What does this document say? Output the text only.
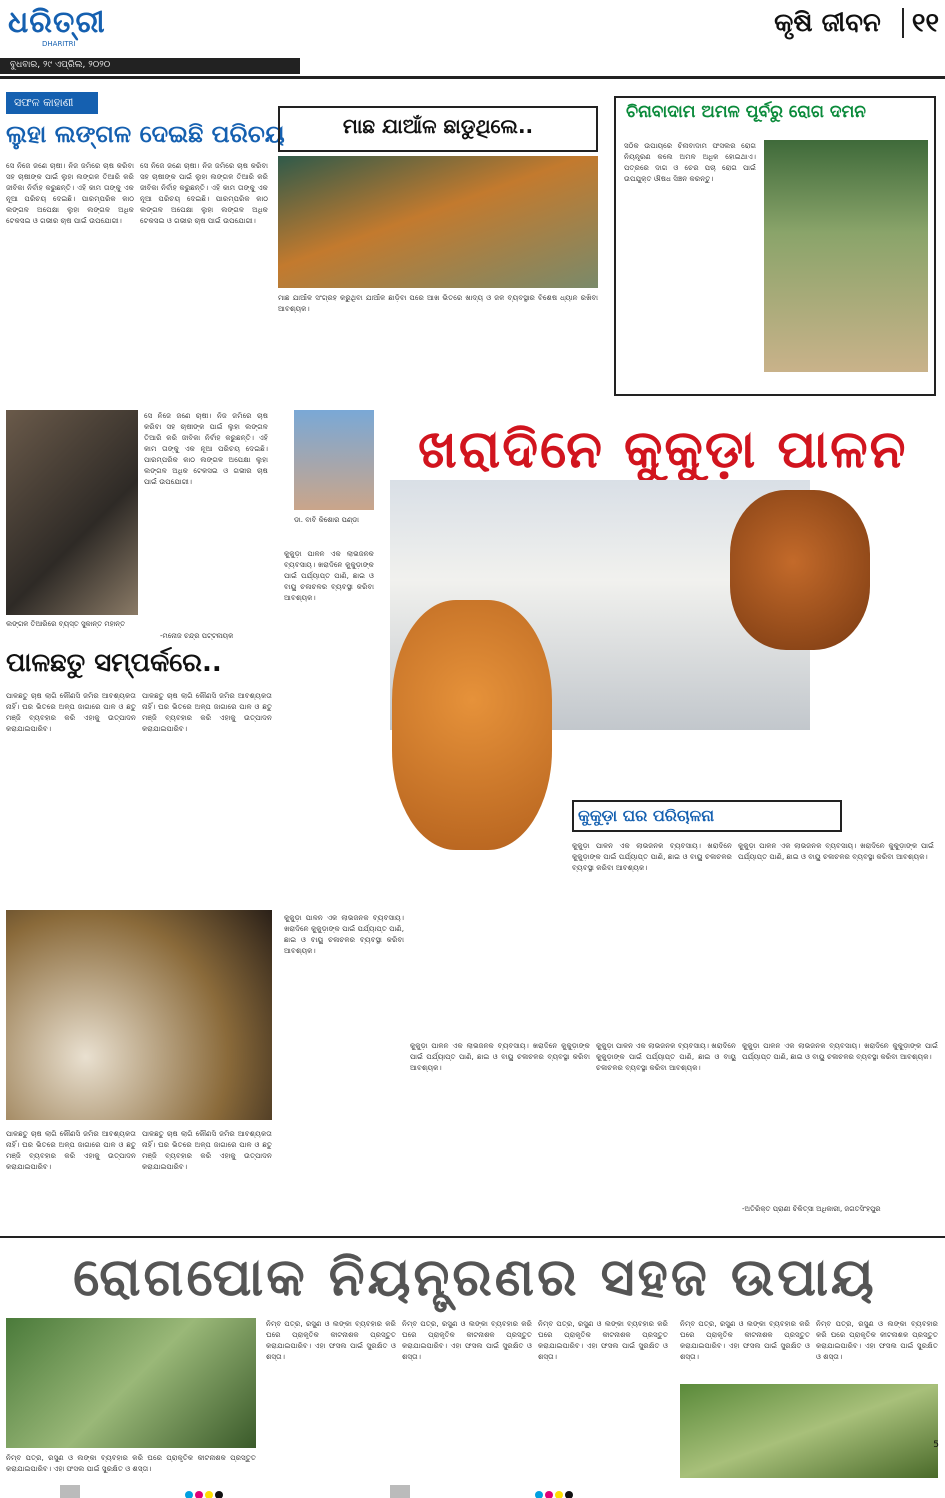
ଧରିତ୍ରୀ
DHARITRI
ବୁଧବାର, ୨୯ ଏପ୍ରିଲ, ୨୦୨୦
କୃଷି ଜୀବନ ୧୧
ସଫଳ କାହାଣୀ
ଲୁହା ଲଙ୍ଗଳ ଦେଇଛି ପରିଚୟ
ସେ ନିଜେ ଜଣେ ଚାଷୀ। ନିଜ ଜମିରେ ଚାଷ କରିବା ସହ ଚାଷୀଙ୍କ ପାଇଁ ଲୁହା ଲଙ୍ଗଳ ତିଆରି କରି ଜୀବିକା ନିର୍ବାହ କରୁଛନ୍ତି। ଏହି କାମ ତାଙ୍କୁ ଏକ ନୂଆ ପରିଚୟ ଦେଇଛି। ପାରମ୍ପରିକ କାଠ ଲଙ୍ଗଳ ଅପେକ୍ଷା ଲୁହା ଲଙ୍ଗଳ ଅଧିକ ଟେକସଇ ଓ ଗଭୀର ଚାଷ ପାଇଁ ଉପଯୋଗୀ।
ସେ ନିଜେ ଜଣେ ଚାଷୀ। ନିଜ ଜମିରେ ଚାଷ କରିବା ସହ ଚାଷୀଙ୍କ ପାଇଁ ଲୁହା ଲଙ୍ଗଳ ତିଆରି କରି ଜୀବିକା ନିର୍ବାହ କରୁଛନ୍ତି। ଏହି କାମ ତାଙ୍କୁ ଏକ ନୂଆ ପରିଚୟ ଦେଇଛି। ପାରମ୍ପରିକ କାଠ ଲଙ୍ଗଳ ଅପେକ୍ଷା ଲୁହା ଲଙ୍ଗଳ ଅଧିକ ଟେକସଇ ଓ ଗଭୀର ଚାଷ ପାଇଁ ଉପଯୋଗୀ।
ସେ ନିଜେ ଜଣେ ଚାଷୀ। ନିଜ ଜମିରେ ଚାଷ କରିବା ସହ ଚାଷୀଙ୍କ ପାଇଁ ଲୁହା ଲଙ୍ଗଳ ତିଆରି କରି ଜୀବିକା ନିର୍ବାହ କରୁଛନ୍ତି। ଏହି କାମ ତାଙ୍କୁ ଏକ ନୂଆ ପରିଚୟ ଦେଇଛି। ପାରମ୍ପରିକ କାଠ ଲଙ୍ଗଳ ଅପେକ୍ଷା ଲୁହା ଲଙ୍ଗଳ ଅଧିକ ଟେକସଇ ଓ ଗଭୀର ଚାଷ ପାଇଁ ଉପଯୋଗୀ।
ଲଙ୍ଗଳ ତିଆରିରେ ବ୍ୟସ୍ତ ସୁକାନ୍ତ ମହାନ୍ତ
-ମନୋଜ ଚନ୍ଦ୍ର ପଟ୍ଟନାୟକ
ମାଛ ଯାଆଁଳ ଛାଡୁଥିଲେ..
ମାଛ ଯାଆଁଳ ସଂଗ୍ରହ କରୁଥିବା ଯାଆଁଳ ଛାଡ଼ିବା ପରେ ଆଖ ଭିତରେ ଖାଦ୍ୟ ଓ ଜଳ ବ୍ୟବସ୍ଥାର ବିଶେଷ ଧ୍ୟାନ ରଖିବା ଆବଶ୍ୟକ।
ଚିନାବାଦାମ ଅମଳ ପୂର୍ବରୁ ରୋଗ ଦମନ
ସଠିକ ଉପାୟରେ ଚିନାବାଦାମ ଫସଲର ରୋଗ ନିୟନ୍ତ୍ରଣ କଲେ ଅମଳ ଅଧିକ ହୋଇଥାଏ। ପତ୍ରରେ ଦାଗ ଓ ଚେର ପଚା ରୋଗ ପାଇଁ ଉପଯୁକ୍ତ ଔଷଧ ସିଞ୍ଚନ କରନ୍ତୁ।
ଡା. ବାବି କିଶୋର ପଣ୍ଡା
ଖରାଦିନେ କୁକୁଡ଼ା ପାଳନ
କୁକୁଡ଼ା ପାଳନ ଏକ ଲାଭଜନକ ବ୍ୟବସାୟ। ଖରାଦିନେ କୁକୁଡ଼ାଙ୍କ ପାଇଁ ପର୍ଯ୍ୟାପ୍ତ ପାଣି, ଛାଇ ଓ ବାୟୁ ଚଳାଚଳର ବ୍ୟବସ୍ଥା କରିବା ଆବଶ୍ୟକ।
କୁକୁଡ଼ା ପାଳନ ଏକ ଲାଭଜନକ ବ୍ୟବସାୟ। ଖରାଦିନେ କୁକୁଡ଼ାଙ୍କ ପାଇଁ ପର୍ଯ୍ୟାପ୍ତ ପାଣି, ଛାଇ ଓ ବାୟୁ ଚଳାଚଳର ବ୍ୟବସ୍ଥା କରିବା ଆବଶ୍ୟକ।
କୁକୁଡ଼ା ଘର ପରିଚାଳନା
କୁକୁଡ଼ା ପାଳନ ଏକ ଲାଭଜନକ ବ୍ୟବସାୟ। ଖରାଦିନେ କୁକୁଡ଼ାଙ୍କ ପାଇଁ ପର୍ଯ୍ୟାପ୍ତ ପାଣି, ଛାଇ ଓ ବାୟୁ ଚଳାଚଳର ବ୍ୟବସ୍ଥା କରିବା ଆବଶ୍ୟକ।
କୁକୁଡ଼ା ପାଳନ ଏକ ଲାଭଜନକ ବ୍ୟବସାୟ। ଖରାଦିନେ କୁକୁଡ଼ାଙ୍କ ପାଇଁ ପର୍ଯ୍ୟାପ୍ତ ପାଣି, ଛାଇ ଓ ବାୟୁ ଚଳାଚଳର ବ୍ୟବସ୍ଥା କରିବା ଆବଶ୍ୟକ।
କୁକୁଡ଼ା ପାଳନ ଏକ ଲାଭଜନକ ବ୍ୟବସାୟ। ଖରାଦିନେ କୁକୁଡ଼ାଙ୍କ ପାଇଁ ପର୍ଯ୍ୟାପ୍ତ ପାଣି, ଛାଇ ଓ ବାୟୁ ଚଳାଚଳର ବ୍ୟବସ୍ଥା କରିବା ଆବଶ୍ୟକ।
କୁକୁଡ଼ା ପାଳନ ଏକ ଲାଭଜନକ ବ୍ୟବସାୟ। ଖରାଦିନେ କୁକୁଡ଼ାଙ୍କ ପାଇଁ ପର୍ଯ୍ୟାପ୍ତ ପାଣି, ଛାଇ ଓ ବାୟୁ ଚଳାଚଳର ବ୍ୟବସ୍ଥା କରିବା ଆବଶ୍ୟକ।
କୁକୁଡ଼ା ପାଳନ ଏକ ଲାଭଜନକ ବ୍ୟବସାୟ। ଖରାଦିନେ କୁକୁଡ଼ାଙ୍କ ପାଇଁ ପର୍ଯ୍ୟାପ୍ତ ପାଣି, ଛାଇ ଓ ବାୟୁ ଚଳାଚଳର ବ୍ୟବସ୍ଥା କରିବା ଆବଶ୍ୟକ।
-ଅତିରିକ୍ତ ପ୍ରାଣୀ ଚିକିତ୍ସା ଅଧିକାରୀ, ଜଗତସିଂହପୁର
ପାଳଛତୁ ସମ୍ପର୍କରେ..
ପାଳଛତୁ ଚାଷ ଲାଗି କୌଣସି ଜମିର ଆବଶ୍ୟକତା ନାହିଁ। ଘର ଭିତରେ ଅଳ୍ପ ଜାଗାରେ ପାଳ ଓ ଛତୁ ମଞ୍ଜି ବ୍ୟବହାର କରି ଏହାକୁ ଉତ୍ପାଦନ କରାଯାଇପାରିବ।
ପାଳଛତୁ ଚାଷ ଲାଗି କୌଣସି ଜମିର ଆବଶ୍ୟକତା ନାହିଁ। ଘର ଭିତରେ ଅଳ୍ପ ଜାଗାରେ ପାଳ ଓ ଛତୁ ମଞ୍ଜି ବ୍ୟବହାର କରି ଏହାକୁ ଉତ୍ପାଦନ କରାଯାଇପାରିବ।
ପାଳଛତୁ ଚାଷ ଲାଗି କୌଣସି ଜମିର ଆବଶ୍ୟକତା ନାହିଁ। ଘର ଭିତରେ ଅଳ୍ପ ଜାଗାରେ ପାଳ ଓ ଛତୁ ମଞ୍ଜି ବ୍ୟବହାର କରି ଏହାକୁ ଉତ୍ପାଦନ କରାଯାଇପାରିବ।
ପାଳଛତୁ ଚାଷ ଲାଗି କୌଣସି ଜମିର ଆବଶ୍ୟକତା ନାହିଁ। ଘର ଭିତରେ ଅଳ୍ପ ଜାଗାରେ ପାଳ ଓ ଛତୁ ମଞ୍ଜି ବ୍ୟବହାର କରି ଏହାକୁ ଉତ୍ପାଦନ କରାଯାଇପାରିବ।
ରୋଗପୋକ ନିୟନ୍ତ୍ରଣର ସହଜ ଉପାୟ
ନିମ୍ବ ପତ୍ର, ରସୁଣ ଓ ଲଙ୍କା ବ୍ୟବହାର କରି ଘରେ ପ୍ରାକୃତିକ କୀଟନାଶକ ପ୍ରସ୍ତୁତ କରାଯାଇପାରିବ। ଏହା ଫସଲ ପାଇଁ ସୁରକ୍ଷିତ ଓ ଶସ୍ତା।
ନିମ୍ବ ପତ୍ର, ରସୁଣ ଓ ଲଙ୍କା ବ୍ୟବହାର କରି ଘରେ ପ୍ରାକୃତିକ କୀଟନାଶକ ପ୍ରସ୍ତୁତ କରାଯାଇପାରିବ। ଏହା ଫସଲ ପାଇଁ ସୁରକ୍ଷିତ ଓ ଶସ୍ତା।
ନିମ୍ବ ପତ୍ର, ରସୁଣ ଓ ଲଙ୍କା ବ୍ୟବହାର କରି ଘରେ ପ୍ରାକୃତିକ କୀଟନାଶକ ପ୍ରସ୍ତୁତ କରାଯାଇପାରିବ। ଏହା ଫସଲ ପାଇଁ ସୁରକ୍ଷିତ ଓ ଶସ୍ତା।
ନିମ୍ବ ପତ୍ର, ରସୁଣ ଓ ଲଙ୍କା ବ୍ୟବହାର କରି ଘରେ ପ୍ରାକୃତିକ କୀଟନାଶକ ପ୍ରସ୍ତୁତ କରାଯାଇପାରିବ। ଏହା ଫସଲ ପାଇଁ ସୁରକ୍ଷିତ ଓ ଶସ୍ତା।
ନିମ୍ବ ପତ୍ର, ରସୁଣ ଓ ଲଙ୍କା ବ୍ୟବହାର କରି ଘରେ ପ୍ରାକୃତିକ କୀଟନାଶକ ପ୍ରସ୍ତୁତ କରାଯାଇପାରିବ। ଏହା ଫସଲ ପାଇଁ ସୁରକ୍ଷିତ ଓ ଶସ୍ତା।
ନିମ୍ବ ପତ୍ର, ରସୁଣ ଓ ଲଙ୍କା ବ୍ୟବହାର କରି ଘରେ ପ୍ରାକୃତିକ କୀଟନାଶକ ପ୍ରସ୍ତୁତ କରାଯାଇପାରିବ। ଏହା ଫସଲ ପାଇଁ ସୁରକ୍ଷିତ ଓ ଶସ୍ତା।

5
